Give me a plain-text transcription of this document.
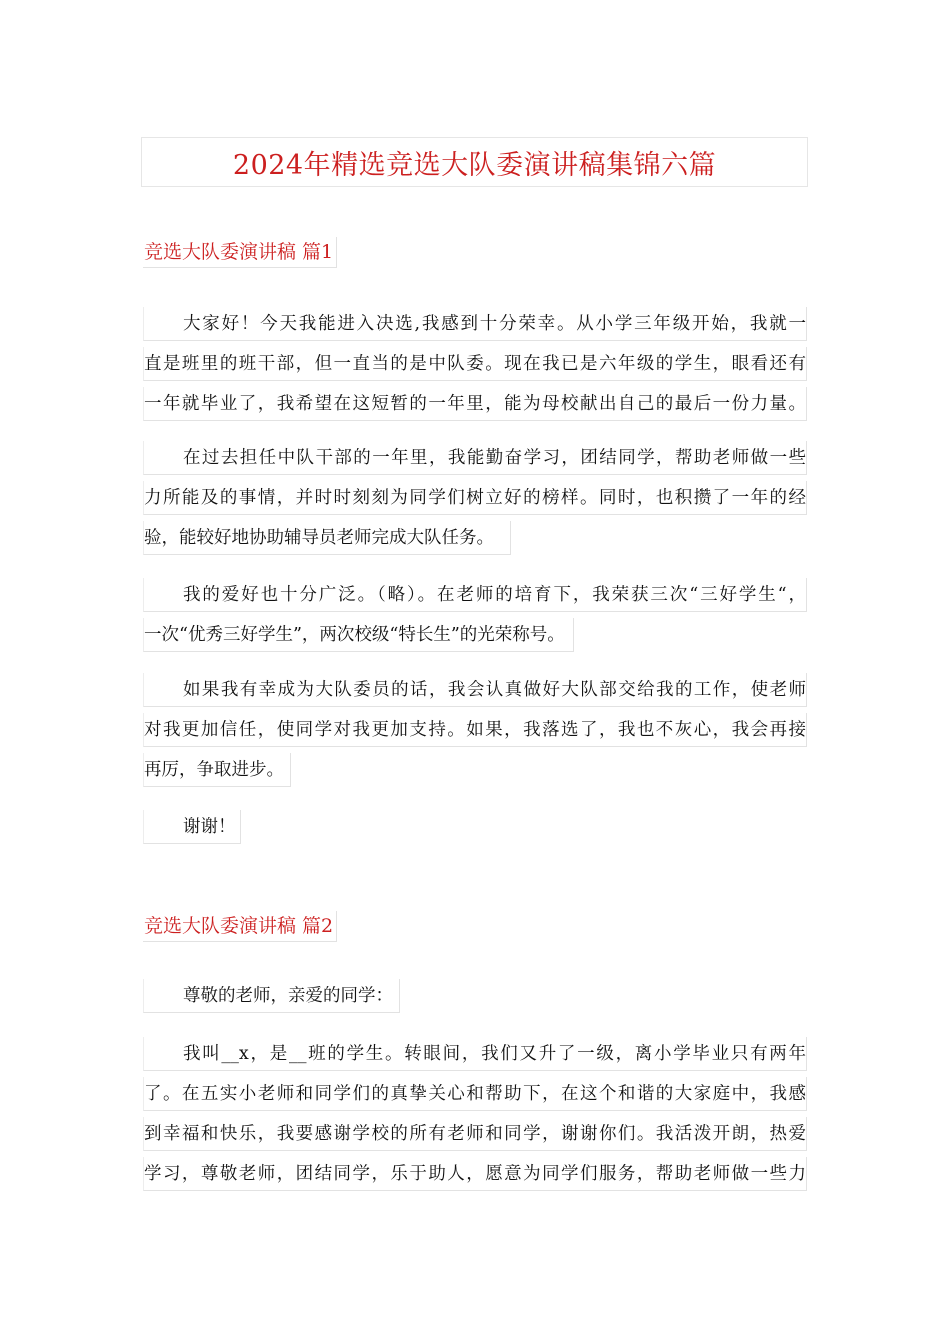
2024年精选竞选大队委演讲稿集锦六篇
竞选大队委演讲稿 篇1
大家好！今天我能进入决选,我感到十分荣幸。从小学三年级开始，我就一
直是班里的班干部，但一直当的是中队委。现在我已是六年级的学生，眼看还有
一年就毕业了，我希望在这短暂的一年里，能为母校献出自己的最后一份力量。
在过去担任中队干部的一年里，我能勤奋学习，团结同学，帮助老师做一些
力所能及的事情，并时时刻刻为同学们树立好的榜样。同时，也积攒了一年的经
验，能较好地协助辅导员老师完成大队任务。
我的爱好也十分广泛。（略）。在老师的培育下，我荣获三次“三好学生“，
一次“优秀三好学生”，两次校级“特长生”的光荣称号。
如果我有幸成为大队委员的话，我会认真做好大队部交给我的工作，使老师
对我更加信任，使同学对我更加支持。如果，我落选了，我也不灰心，我会再接
再厉，争取进步。
谢谢！
竞选大队委演讲稿 篇2
尊敬的老师，亲爱的同学：
我叫__x，是__班的学生。转眼间，我们又升了一级，离小学毕业只有两年
了。在五实小老师和同学们的真挚关心和帮助下，在这个和谐的大家庭中，我感
到幸福和快乐，我要感谢学校的所有老师和同学，谢谢你们。我活泼开朗，热爱
学习，尊敬老师，团结同学，乐于助人，愿意为同学们服务，帮助老师做一些力
